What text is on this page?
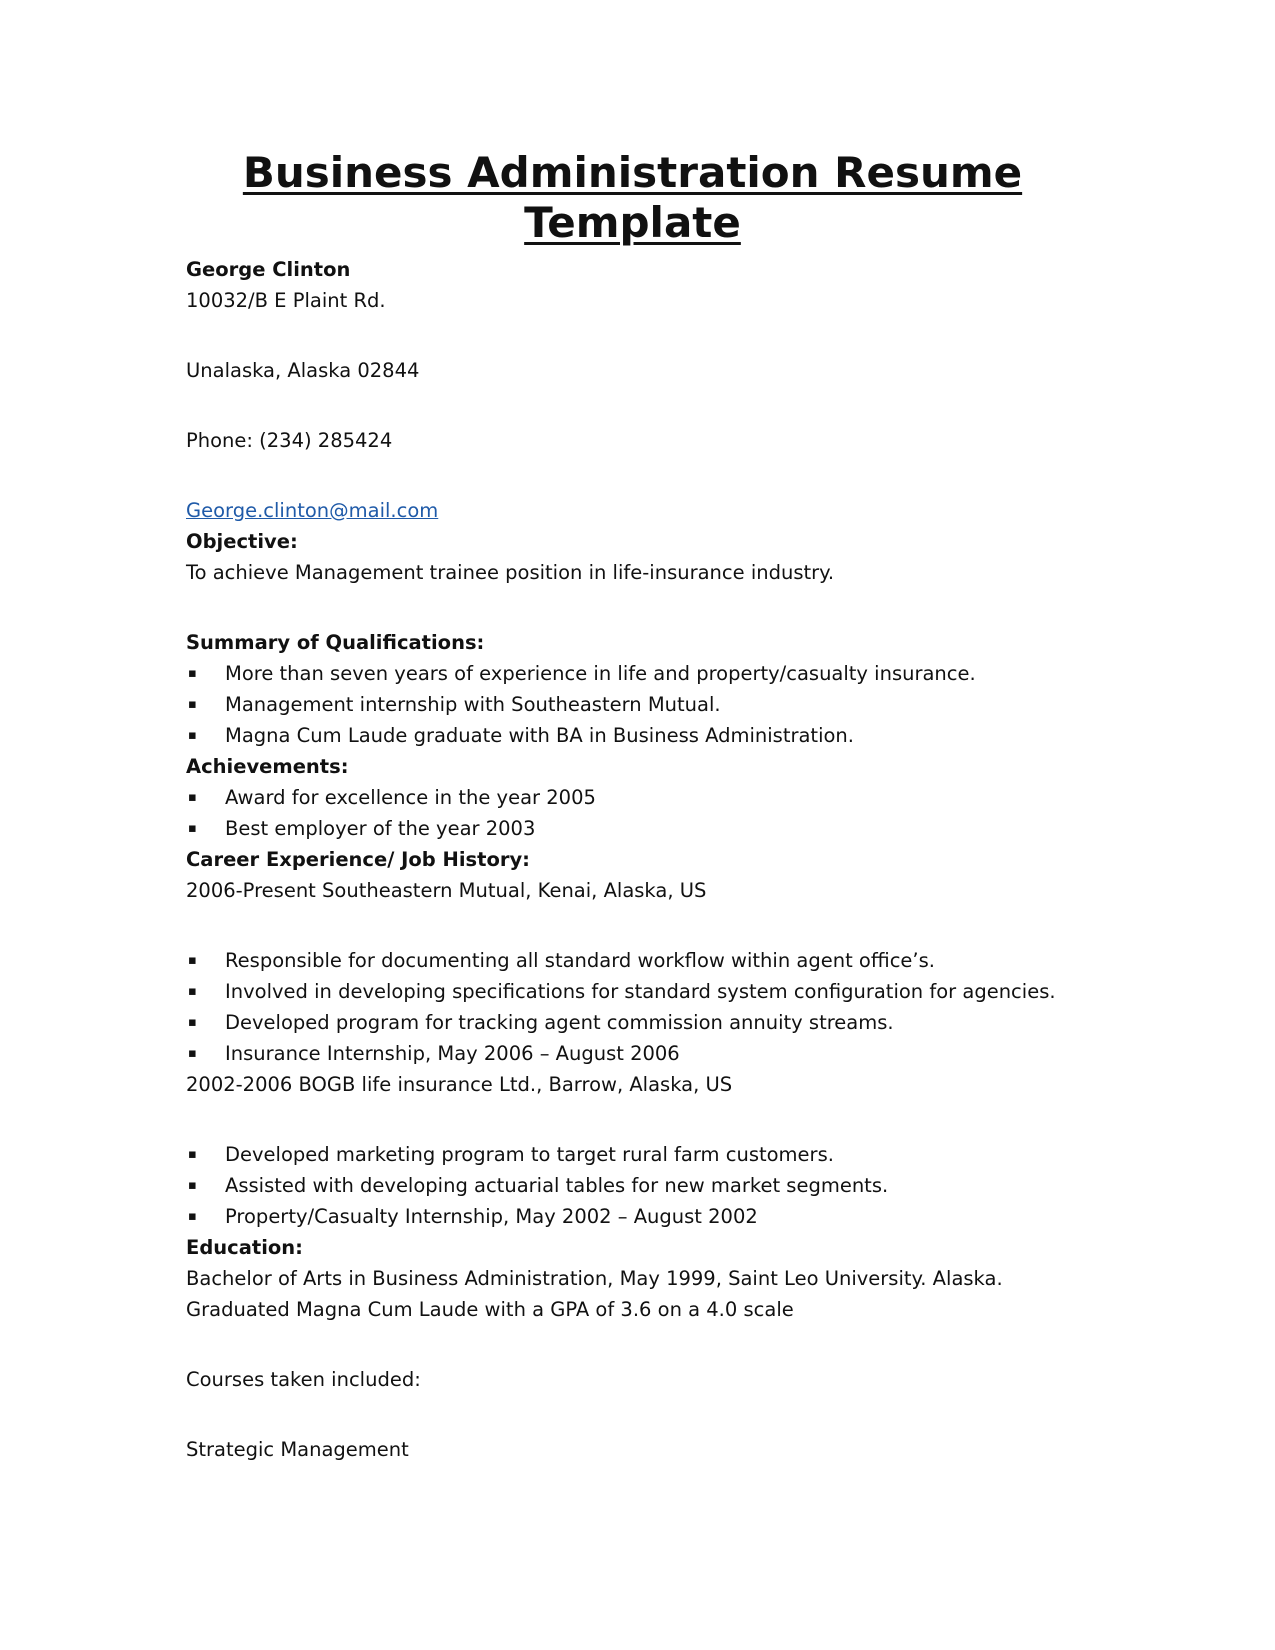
Business Administration Resume
Template
George Clinton
10032/B E Plaint Rd.
Unalaska, Alaska 02844
Phone: (234) 285424
George.clinton@mail.com
Objective:
To achieve Management trainee position in life-insurance industry.
Summary of Qualifications:
▪ More than seven years of experience in life and property/casualty insurance.
▪ Management internship with Southeastern Mutual.
▪ Magna Cum Laude graduate with BA in Business Administration.
Achievements:
▪ Award for excellence in the year 2005
▪ Best employer of the year 2003
Career Experience/ Job History:
2006-Present Southeastern Mutual, Kenai, Alaska, US
▪ Responsible for documenting all standard workflow within agent office’s.
▪ Involved in developing specifications for standard system configuration for agencies.
▪ Developed program for tracking agent commission annuity streams.
▪ Insurance Internship, May 2006 – August 2006
2002-2006 BOGB life insurance Ltd., Barrow, Alaska, US
▪ Developed marketing program to target rural farm customers.
▪ Assisted with developing actuarial tables for new market segments.
▪ Property/Casualty Internship, May 2002 – August 2002
Education:
Bachelor of Arts in Business Administration, May 1999, Saint Leo University. Alaska.
Graduated Magna Cum Laude with a GPA of 3.6 on a 4.0 scale
Courses taken included:
Strategic Management
